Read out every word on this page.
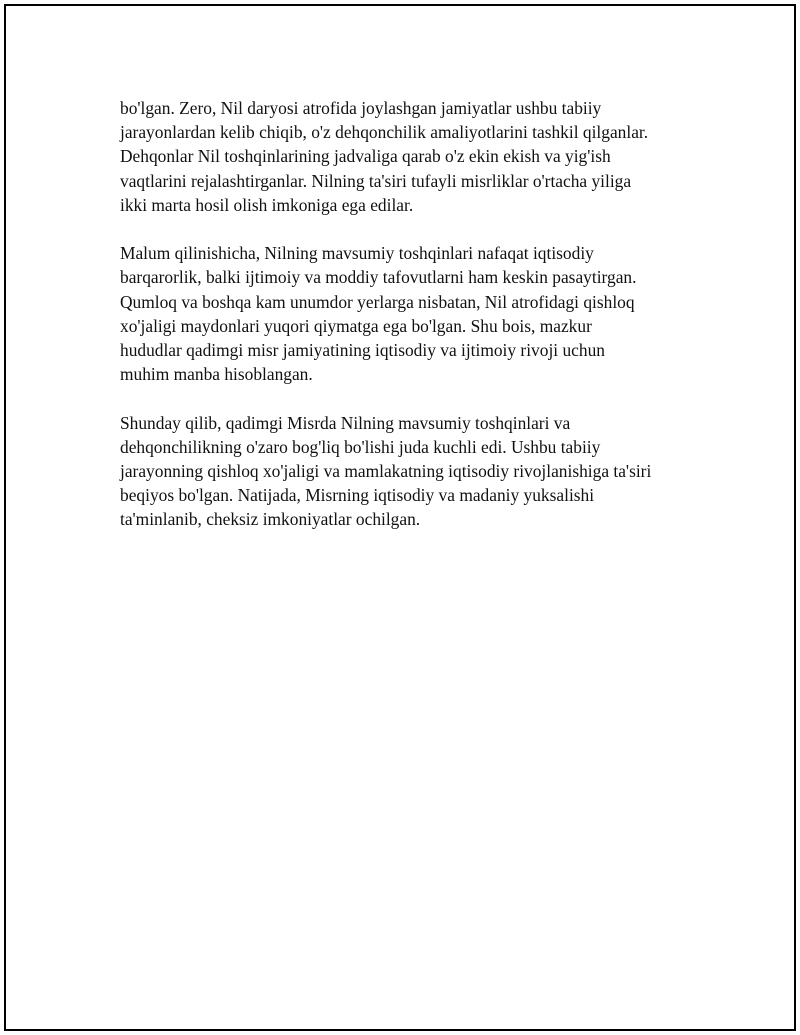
bo'lgan. Zero, Nil daryosi atrofida joylashgan jamiyatlar ushbu tabiiy
jarayonlardan kelib chiqib, o'z dehqonchilik amaliyotlarini tashkil qilganlar.
Dehqonlar Nil toshqinlarining jadvaliga qarab o'z ekin ekish va yig'ish
vaqtlarini rejalashtirganlar. Nilning ta'siri tufayli misrliklar o'rtacha yiliga
ikki marta hosil olish imkoniga ega edilar.

Malum qilinishicha, Nilning mavsumiy toshqinlari nafaqat iqtisodiy
barqarorlik, balki ijtimoiy va moddiy tafovutlarni ham keskin pasaytirgan.
Qumloq va boshqa kam unumdor yerlarga nisbatan, Nil atrofidagi qishloq
xo'jaligi maydonlari yuqori qiymatga ega bo'lgan. Shu bois, mazkur
hududlar qadimgi misr jamiyatining iqtisodiy va ijtimoiy rivoji uchun
muhim manba hisoblangan.

Shunday qilib, qadimgi Misrda Nilning mavsumiy toshqinlari va
dehqonchilikning o'zaro bog'liq bo'lishi juda kuchli edi. Ushbu tabiiy
jarayonning qishloq xo'jaligi va mamlakatning iqtisodiy rivojlanishiga ta'siri
beqiyos bo'lgan. Natijada, Misrning iqtisodiy va madaniy yuksalishi
ta'minlanib, cheksiz imkoniyatlar ochilgan.
